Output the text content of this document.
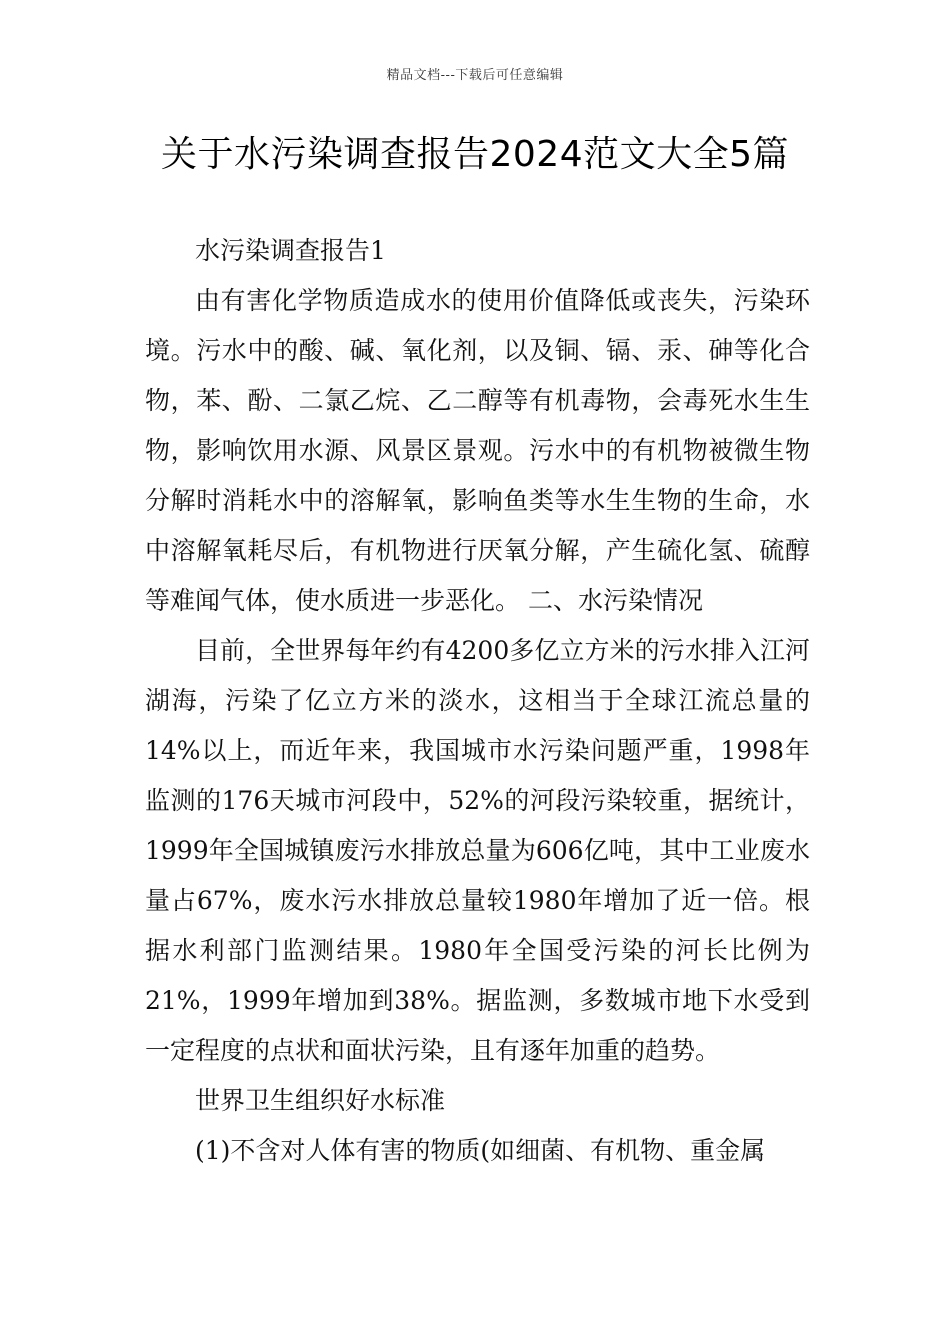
精品文档---下载后可任意编辑
关于水污染调查报告2024范文大全5篇

水污染调查报告1

由有害化学物质造成水的使用价值降低或丧失，污染环境。污水中的酸、碱、氧化剂，以及铜、镉、汞、砷等化合物，苯、酚、二氯乙烷、乙二醇等有机毒物，会毒死水生生物，影响饮用水源、风景区景观。污水中的有机物被微生物分解时消耗水中的溶解氧，影响鱼类等水生生物的生命，水中溶解氧耗尽后，有机物进行厌氧分解，产生硫化氢、硫醇等难闻气体，使水质进一步恶化。 二、水污染情况

目前，全世界每年约有4200多亿立方米的污水排入江河湖海，污染了亿立方米的淡水，这相当于全球江流总量的14%以上，而近年来，我国城市水污染问题严重，1998年监测的176天城市河段中，52%的河段污染较重，据统计，1999年全国城镇废污水排放总量为606亿吨，其中工业废水量占67%，废水污水排放总量较1980年增加了近一倍。根据水利部门监测结果。1980年全国受污染的河长比例为21%，1999年增加到38%。据监测，多数城市地下水受到一定程度的点状和面状污染，且有逐年加重的趋势。

世界卫生组织好水标准

(1)不含对人体有害的物质(如细菌、有机物、重金属
